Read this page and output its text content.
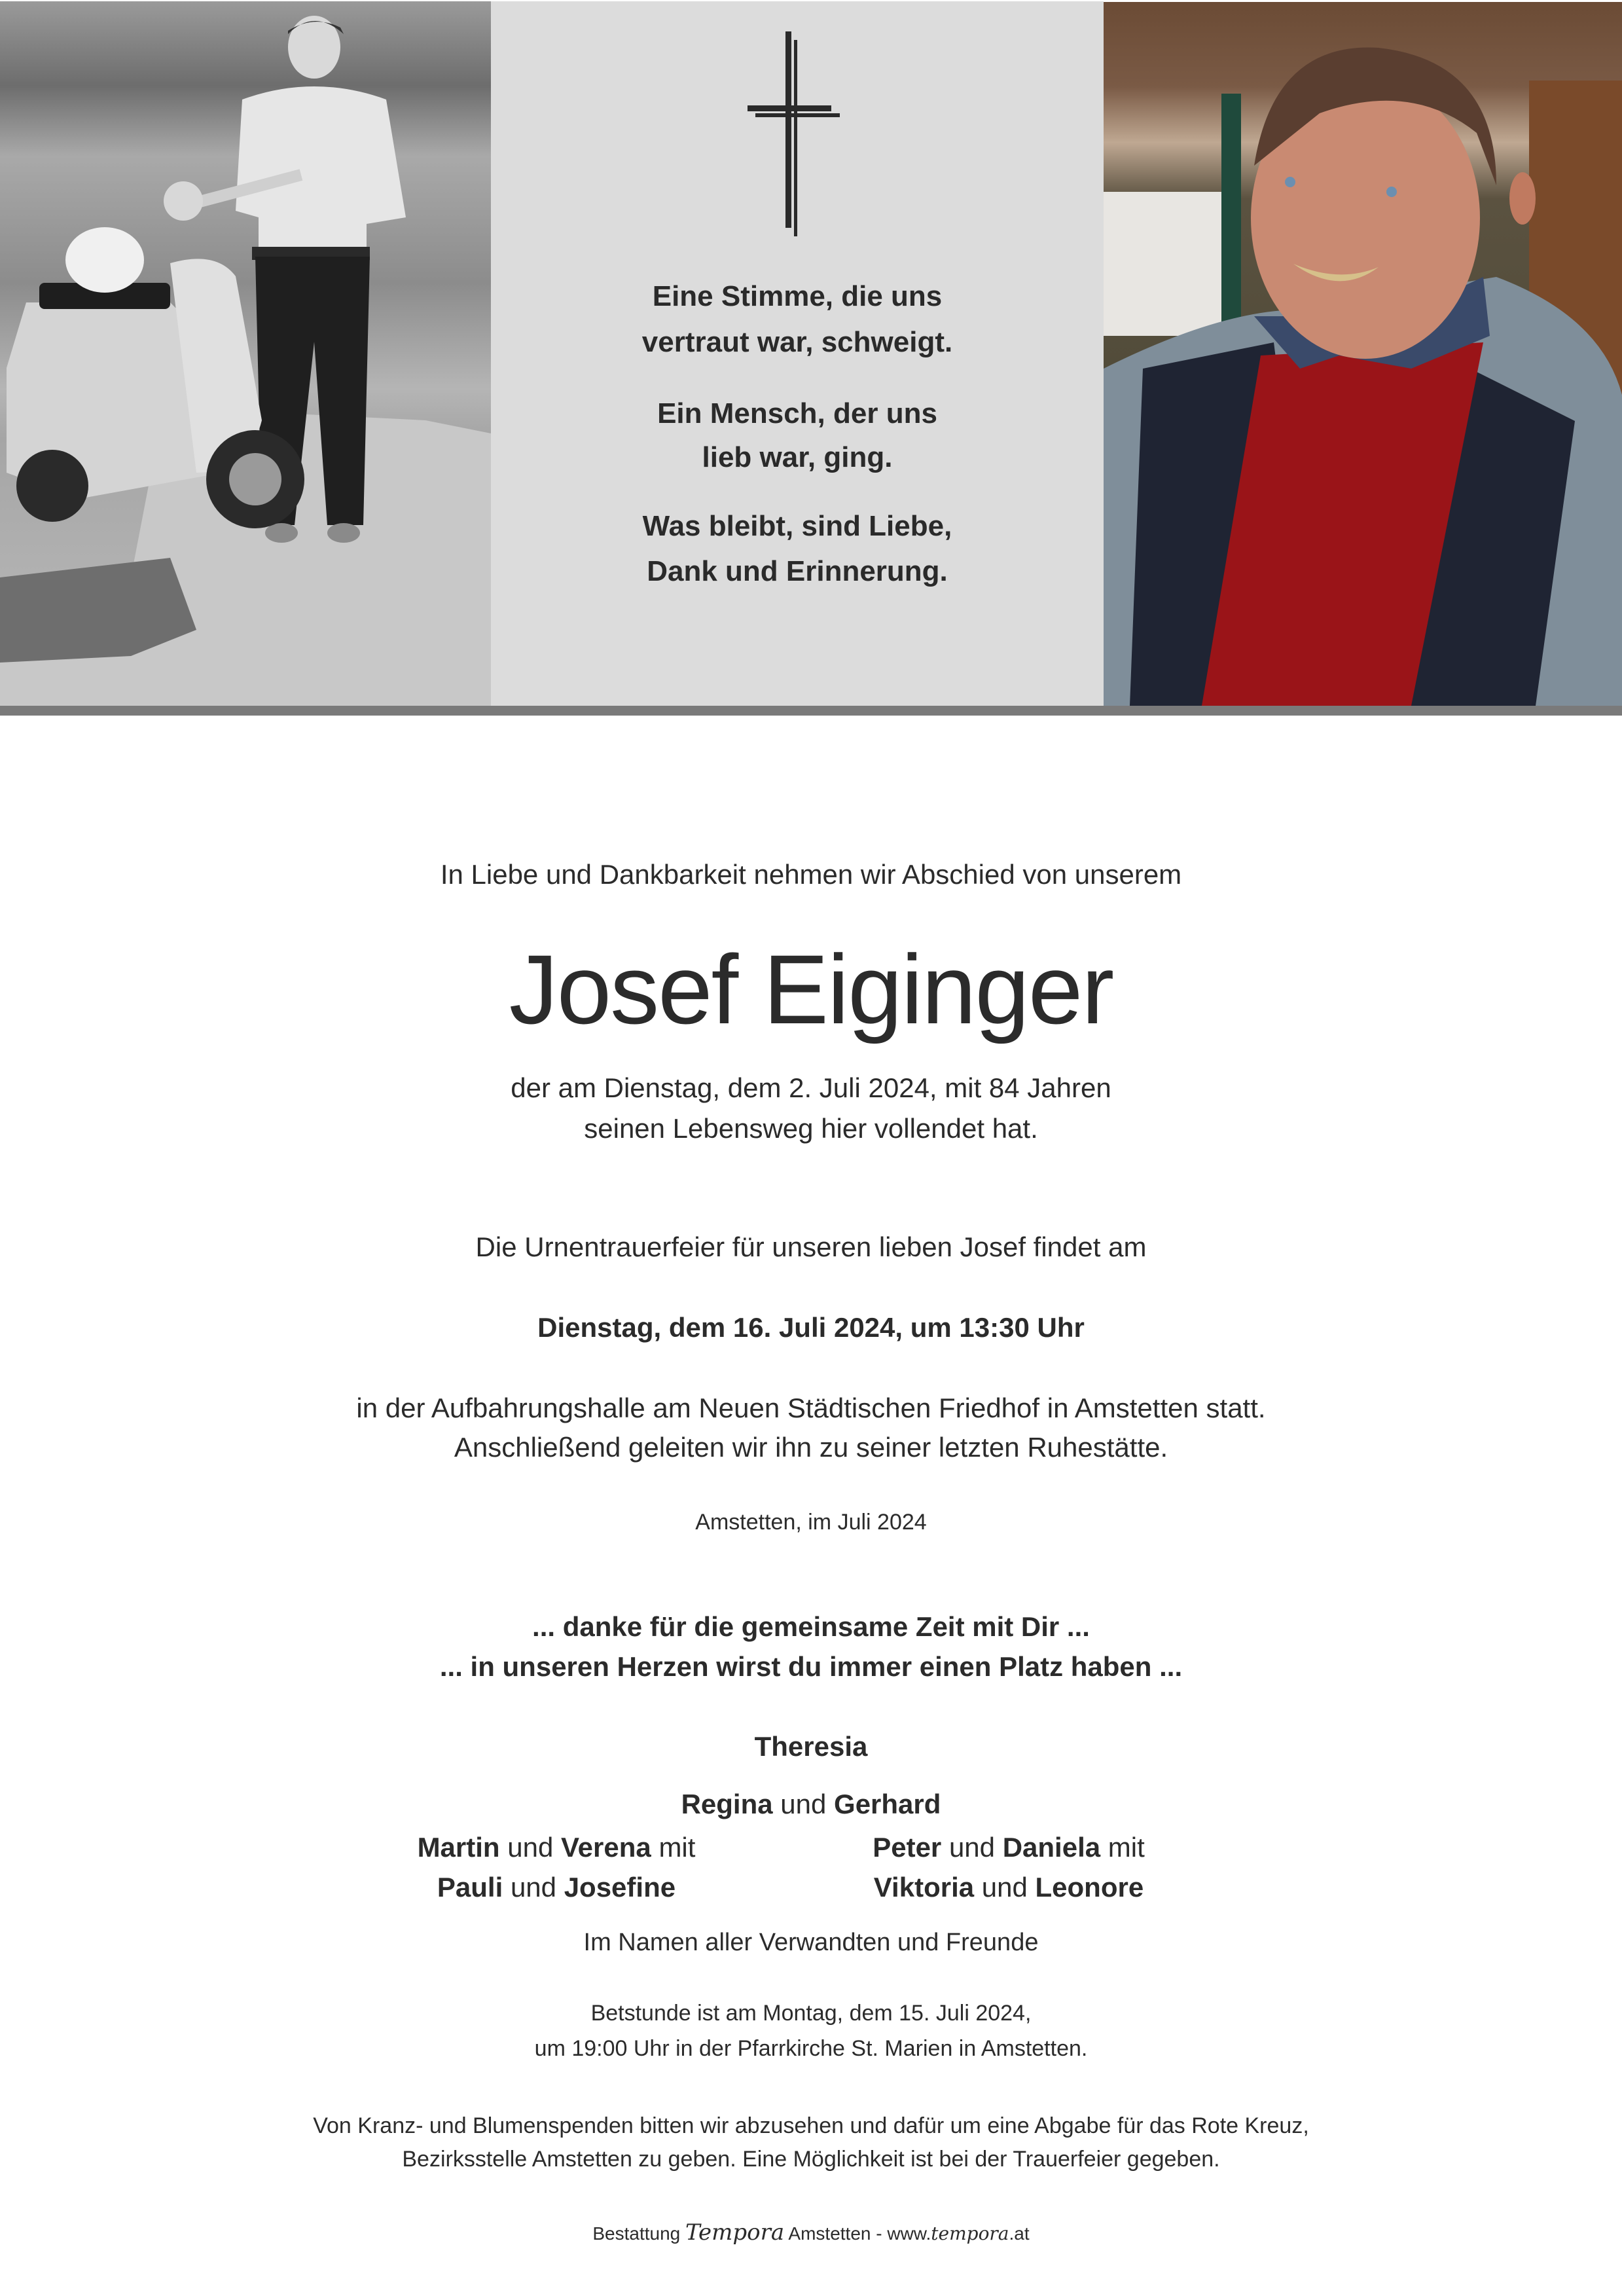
Eine Stimme, die uns
vertraut war, schweigt.
Ein Mensch, der uns
lieb war, ging.
Was bleibt, sind Liebe,
Dank und Erinnerung.
In Liebe und Dankbarkeit nehmen wir Abschied von unserem
Josef Eiginger
der am Dienstag, dem 2. Juli 2024, mit 84 Jahren
seinen Lebensweg hier vollendet hat.
Die Urnentrauerfeier für unseren lieben Josef findet am
Dienstag, dem 16. Juli 2024, um 13:30 Uhr
in der Aufbahrungshalle am Neuen Städtischen Friedhof in Amstetten statt.
Anschließend geleiten wir ihn zu seiner letzten Ruhestätte.
Amstetten, im Juli 2024
... danke für die gemeinsame Zeit mit Dir ...
... in unseren Herzen wirst du immer einen Platz haben ...
Theresia
Regina und Gerhard
Martin und Verena mit
Pauli und Josefine
Peter und Daniela mit
Viktoria und Leonore
Im Namen aller Verwandten und Freunde
Betstunde ist am Montag, dem 15. Juli 2024,
um 19:00 Uhr in der Pfarrkirche St. Marien in Amstetten.
Von Kranz- und Blumenspenden bitten wir abzusehen und dafür um eine Abgabe für das Rote Kreuz,
Bezirksstelle Amstetten zu geben. Eine Möglichkeit ist bei der Trauerfeier gegeben.
Bestattung Tempora Amstetten - www.tempora.at
